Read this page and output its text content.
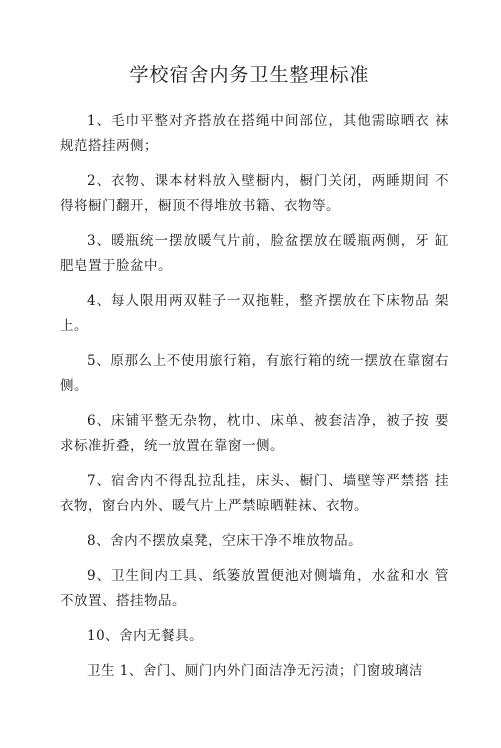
学校宿舍内务卫生整理标准

1、毛巾平整对齐搭放在搭绳中间部位，其他需晾晒衣 袜规范搭挂两侧；

2、衣物、课本材料放入壁橱内，橱门关闭，两睡期间 不得将橱门翻开，橱顶不得堆放书籍、衣物等。

3、暖瓶统一摆放暖气片前，脸盆摆放在暖瓶两侧，牙 缸肥皂置于脸盆中。

4、每人限用两双鞋子一双拖鞋，整齐摆放在下床物品 架上。

5、原那么上不使用旅行箱，有旅行箱的统一摆放在靠窗右侧。

6、床铺平整无杂物，枕巾、床单、被套洁净，被子按 要求标准折叠，统一放置在靠窗一侧。

7、宿舍内不得乱拉乱挂，床头、橱门、墙壁等严禁搭 挂衣物，窗台内外、暖气片上严禁晾晒鞋袜、衣物。

8、舍内不摆放桌凳，空床干净不堆放物品。

9、卫生间内工具、纸篓放置便池对侧墙角，水盆和水 管不放置、搭挂物品。

10、舍内无餐具。

卫生 1、舍门、厕门内外门面洁净无污渍；门窗玻璃洁
